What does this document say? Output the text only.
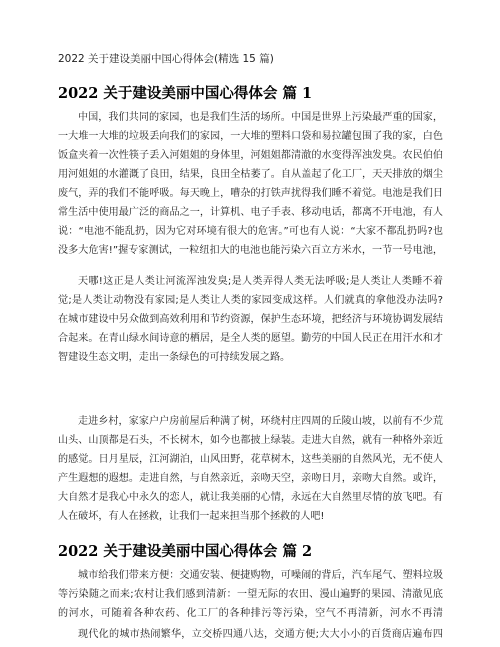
2022 关于建设美丽中国心得体会(精选 15 篇)
2022 关于建设美丽中国心得体会 篇 1

中国，我们共同的家园，也是我们生活的场所。中国是世界上污染最严重的国家，一大堆一大堆的垃圾丢向我们的家园，一大堆的塑料口袋和易拉罐包围了我的家，白色饭盒夹着一次性筷子丢入河姐姐的身体里，河姐姐都清澈的水变得浑浊发臭。农民伯伯用河姐姐的水灌溉了良田，结果，良田全枯萎了。自从盖起了化工厂，天天排放的烟尘废气，弄的我们不能呼吸。每天晚上，嘈杂的打铁声扰得我们睡不着觉。电池是我们日常生活中使用最广泛的商品之一，计算机、电子手表、移动电话，都离不开电池，有人说：“电池不能乱扔，因为它对环境有很大的危害。”可也有人说：“大家不都乱扔吗?也没多大危害!”握专家测试，一粒纽扣大的电池也能污染六百立方米水，一节一号电池，

天哪!这正是人类让河流浑浊发臭;是人类弄得人类无法呼吸;是人类让人类睡不着觉;是人类让动物没有家园;是人类让人类的家园变成这样。人们就真的拿他没办法吗?在城市建设中另众做到高效利用和节约资源，保护生态环境，把经济与环境协调发展结合起来。在青山绿水间诗意的栖居，是全人类的愿望。勤劳的中国人民正在用汗水和才智建设生态文明，走出一条绿色的可持续发展之路。

走进乡村，家家户户房前屋后种满了树，环绕村庄四周的丘陵山坡，以前有不少荒山头、山顶都是石头，不长树木，如今也都披上绿装。走进大自然，就有一种格外亲近的感觉。日月星辰，江河湖泊，山风田野，花草树木，这些美丽的自然风光，无不使人产生遐想的遐想。走进自然，与自然亲近，亲吻天空，亲吻日月，亲吻大自然。或许，大自然才是我心中永久的恋人，就让我美丽的心情，永远在大自然里尽情的放飞吧。有人在破坏，有人在拯救，让我们一起来担当那个拯救的人吧!

2022 关于建设美丽中国心得体会 篇 2

城市给我们带来方便：交通安装、便捷购物，可噪闹的背后，汽车尾气、塑料垃圾等污染随之而来;农村让我们感到清新：一望无际的农田、漫山遍野的果园、清澈见底的河水，可随着各种农药、化工厂的各种排污等污染，空气不再清新，河水不再清

现代化的城市热闹繁华，立交桥四通八达，交通方便;大大小小的百货商店遍布四
